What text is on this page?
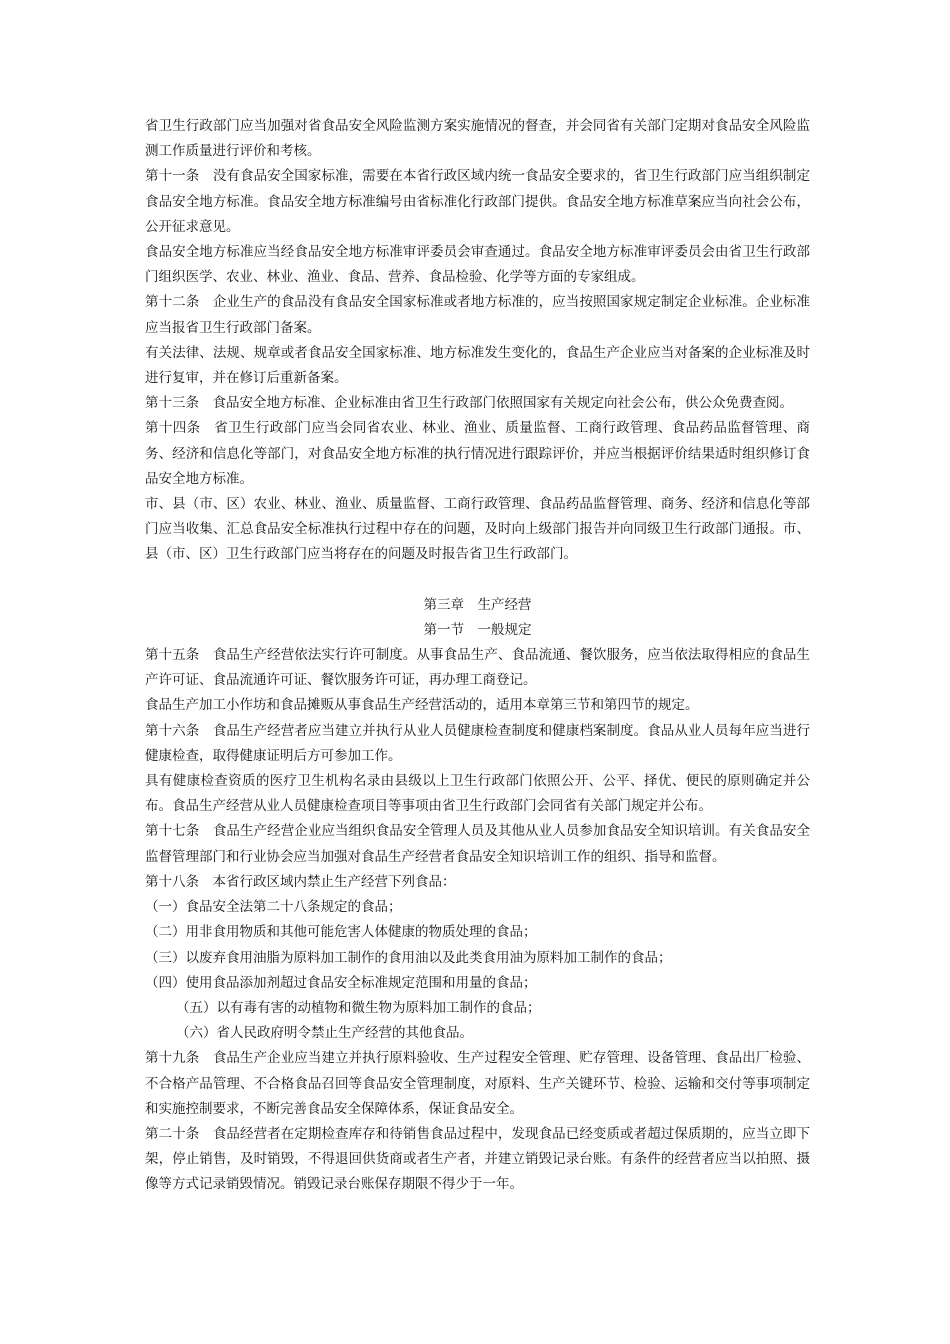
省卫生行政部门应当加强对省食品安全风险监测方案实施情况的督查，并会同省有关部门定期对食品安全风险监测工作质量进行评价和考核。

第十一条　没有食品安全国家标准，需要在本省行政区域内统一食品安全要求的，省卫生行政部门应当组织制定食品安全地方标准。食品安全地方标准编号由省标准化行政部门提供。食品安全地方标准草案应当向社会公布，公开征求意见。

食品安全地方标准应当经食品安全地方标准审评委员会审查通过。食品安全地方标准审评委员会由省卫生行政部门组织医学、农业、林业、渔业、食品、营养、食品检验、化学等方面的专家组成。

第十二条　企业生产的食品没有食品安全国家标准或者地方标准的，应当按照国家规定制定企业标准。企业标准应当报省卫生行政部门备案。

有关法律、法规、规章或者食品安全国家标准、地方标准发生变化的，食品生产企业应当对备案的企业标准及时进行复审，并在修订后重新备案。

第十三条　食品安全地方标准、企业标准由省卫生行政部门依照国家有关规定向社会公布，供公众免费查阅。

第十四条　省卫生行政部门应当会同省农业、林业、渔业、质量监督、工商行政管理、食品药品监督管理、商务、经济和信息化等部门，对食品安全地方标准的执行情况进行跟踪评价，并应当根据评价结果适时组织修订食品安全地方标准。

市、县（市、区）农业、林业、渔业、质量监督、工商行政管理、食品药品监督管理、商务、经济和信息化等部门应当收集、汇总食品安全标准执行过程中存在的问题，及时向上级部门报告并向同级卫生行政部门通报。市、县（市、区）卫生行政部门应当将存在的问题及时报告省卫生行政部门。

第三章　生产经营
第一节　一般规定

第十五条　食品生产经营依法实行许可制度。从事食品生产、食品流通、餐饮服务，应当依法取得相应的食品生产许可证、食品流通许可证、餐饮服务许可证，再办理工商登记。

食品生产加工小作坊和食品摊贩从事食品生产经营活动的，适用本章第三节和第四节的规定。

第十六条　食品生产经营者应当建立并执行从业人员健康检查制度和健康档案制度。食品从业人员每年应当进行健康检查，取得健康证明后方可参加工作。

具有健康检查资质的医疗卫生机构名录由县级以上卫生行政部门依照公开、公平、择优、便民的原则确定并公布。食品生产经营从业人员健康检查项目等事项由省卫生行政部门会同省有关部门规定并公布。

第十七条　食品生产经营企业应当组织食品安全管理人员及其他从业人员参加食品安全知识培训。有关食品安全监督管理部门和行业协会应当加强对食品生产经营者食品安全知识培训工作的组织、指导和监督。

第十八条　本省行政区域内禁止生产经营下列食品：

（一）食品安全法第二十八条规定的食品；

（二）用非食用物质和其他可能危害人体健康的物质处理的食品；

（三）以废弃食用油脂为原料加工制作的食用油以及此类食用油为原料加工制作的食品；

（四）使用食品添加剂超过食品安全标准规定范围和用量的食品；

（五）以有毒有害的动植物和微生物为原料加工制作的食品；

（六）省人民政府明令禁止生产经营的其他食品。

第十九条　食品生产企业应当建立并执行原料验收、生产过程安全管理、贮存管理、设备管理、食品出厂检验、不合格产品管理、不合格食品召回等食品安全管理制度，对原料、生产关键环节、检验、运输和交付等事项制定和实施控制要求，不断完善食品安全保障体系，保证食品安全。

第二十条　食品经营者在定期检查库存和待销售食品过程中，发现食品已经变质或者超过保质期的，应当立即下架，停止销售，及时销毁，不得退回供货商或者生产者，并建立销毁记录台账。有条件的经营者应当以拍照、摄像等方式记录销毁情况。销毁记录台账保存期限不得少于一年。
